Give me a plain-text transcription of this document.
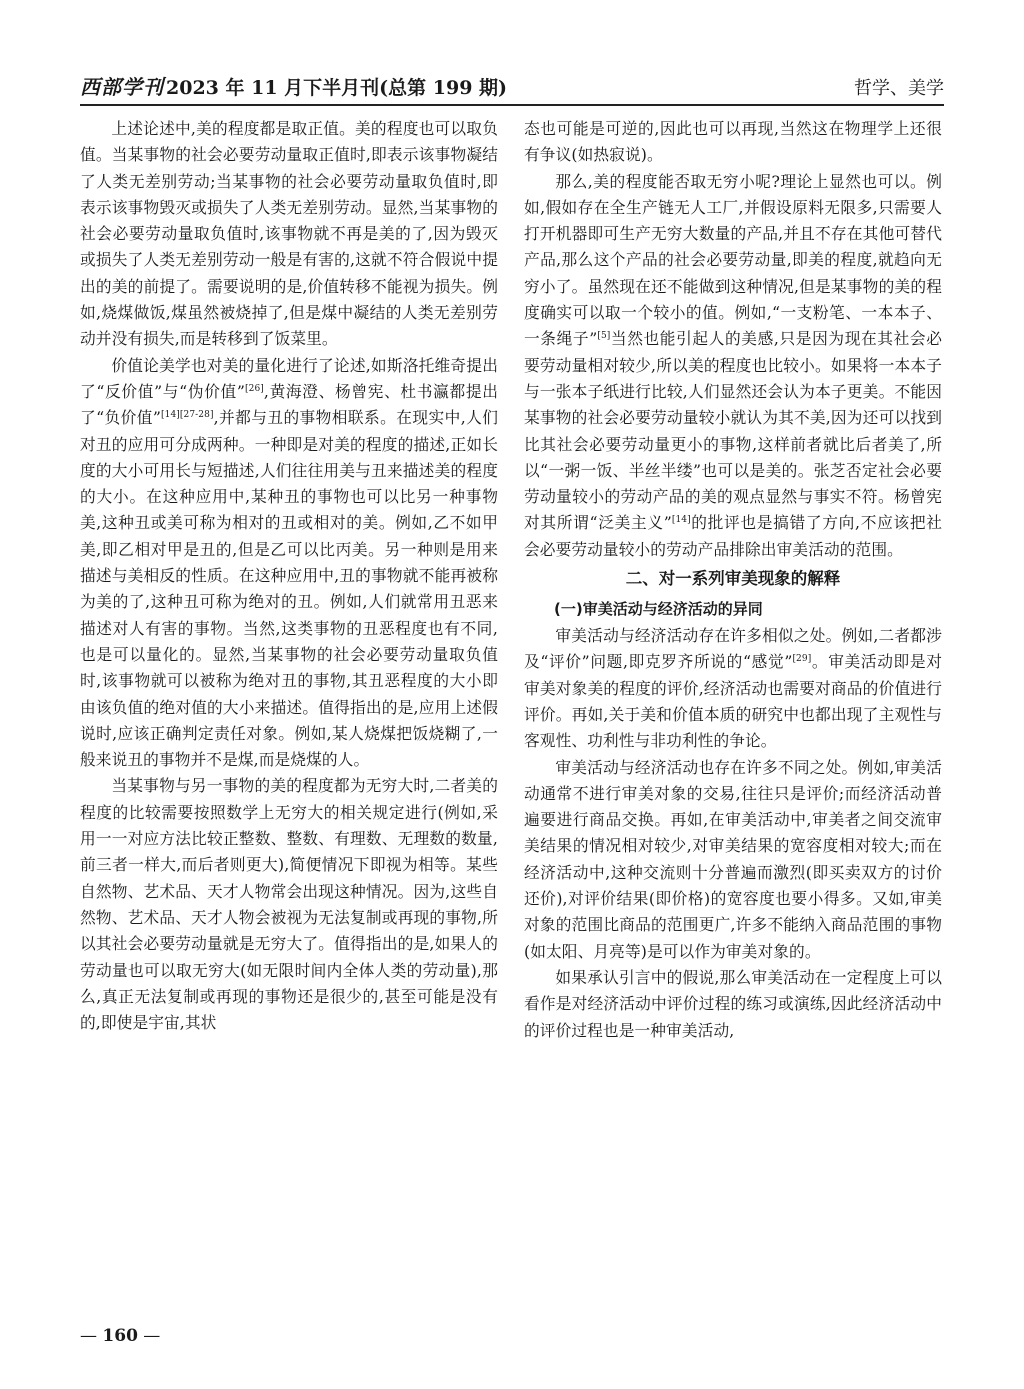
西部学刊 2023 年 11 月下半月刊(总第 199 期)	哲学、美学

上述论述中,美的程度都是取正值。美的程度也可以取负值。当某事物的社会必要劳动量取正值时,即表示该事物凝结了人类无差别劳动;当某事物的社会必要劳动量取负值时,即表示该事物毁灭或损失了人类无差别劳动。显然,当某事物的社会必要劳动量取负值时,该事物就不再是美的了,因为毁灭或损失了人类无差别劳动一般是有害的,这就不符合假说中提出的美的前提了。需要说明的是,价值转移不能视为损失。例如,烧煤做饭,煤虽然被烧掉了,但是煤中凝结的人类无差别劳动并没有损失,而是转移到了饭菜里。

价值论美学也对美的量化进行了论述,如斯洛托维奇提出了“反价值”与“伪价值”[26],黄海澄、杨曾宪、杜书瀛都提出了“负价值”[14][27-28],并都与丑的事物相联系。在现实中,人们对丑的应用可分成两种。一种即是对美的程度的描述,正如长度的大小可用长与短描述,人们往往用美与丑来描述美的程度的大小。在这种应用中,某种丑的事物也可以比另一种事物美,这种丑或美可称为相对的丑或相对的美。例如,乙不如甲美,即乙相对甲是丑的,但是乙可以比丙美。另一种则是用来描述与美相反的性质。在这种应用中,丑的事物就不能再被称为美的了,这种丑可称为绝对的丑。例如,人们就常用丑恶来描述对人有害的事物。当然,这类事物的丑恶程度也有不同,也是可以量化的。显然,当某事物的社会必要劳动量取负值时,该事物就可以被称为绝对丑的事物,其丑恶程度的大小即由该负值的绝对值的大小来描述。值得指出的是,应用上述假说时,应该正确判定责任对象。例如,某人烧煤把饭烧糊了,一般来说丑的事物并不是煤,而是烧煤的人。

当某事物与另一事物的美的程度都为无穷大时,二者美的程度的比较需要按照数学上无穷大的相关规定进行(例如,采用一一对应方法比较正整数、整数、有理数、无理数的数量,前三者一样大,而后者则更大),简便情况下即视为相等。某些自然物、艺术品、天才人物常会出现这种情况。因为,这些自然物、艺术品、天才人物会被视为无法复制或再现的事物,所以其社会必要劳动量就是无穷大了。值得指出的是,如果人的劳动量也可以取无穷大(如无限时间内全体人类的劳动量),那么,真正无法复制或再现的事物还是很少的,甚至可能是没有的,即使是宇宙,其状

态也可能是可逆的,因此也可以再现,当然这在物理学上还很有争议(如热寂说)。

那么,美的程度能否取无穷小呢?理论上显然也可以。例如,假如存在全生产链无人工厂,并假设原料无限多,只需要人打开机器即可生产无穷大数量的产品,并且不存在其他可替代产品,那么这个产品的社会必要劳动量,即美的程度,就趋向无穷小了。虽然现在还不能做到这种情况,但是某事物的美的程度确实可以取一个较小的值。例如,“一支粉笔、一本本子、一条绳子”[5]当然也能引起人的美感,只是因为现在其社会必要劳动量相对较少,所以美的程度也比较小。如果将一本本子与一张本子纸进行比较,人们显然还会认为本子更美。不能因某事物的社会必要劳动量较小就认为其不美,因为还可以找到比其社会必要劳动量更小的事物,这样前者就比后者美了,所以“一粥一饭、半丝半缕”也可以是美的。张芝否定社会必要劳动量较小的劳动产品的美的观点显然与事实不符。杨曾宪对其所谓“泛美主义”[14]的批评也是搞错了方向,不应该把社会必要劳动量较小的劳动产品排除出审美活动的范围。

二、对一系列审美现象的解释
(一)审美活动与经济活动的异同

审美活动与经济活动存在许多相似之处。例如,二者都涉及“评价”问题,即克罗齐所说的“感觉”[29]。审美活动即是对审美对象美的程度的评价,经济活动也需要对商品的价值进行评价。再如,关于美和价值本质的研究中也都出现了主观性与客观性、功利性与非功利性的争论。

审美活动与经济活动也存在许多不同之处。例如,审美活动通常不进行审美对象的交易,往往只是评价;而经济活动普遍要进行商品交换。再如,在审美活动中,审美者之间交流审美结果的情况相对较少,对审美结果的宽容度相对较大;而在经济活动中,这种交流则十分普遍而激烈(即买卖双方的讨价还价),对评价结果(即价格)的宽容度也要小得多。又如,审美对象的范围比商品的范围更广,许多不能纳入商品范围的事物(如太阳、月亮等)是可以作为审美对象的。

如果承认引言中的假说,那么审美活动在一定程度上可以看作是对经济活动中评价过程的练习或演练,因此经济活动中的评价过程也是一种审美活动,

— 160 —
